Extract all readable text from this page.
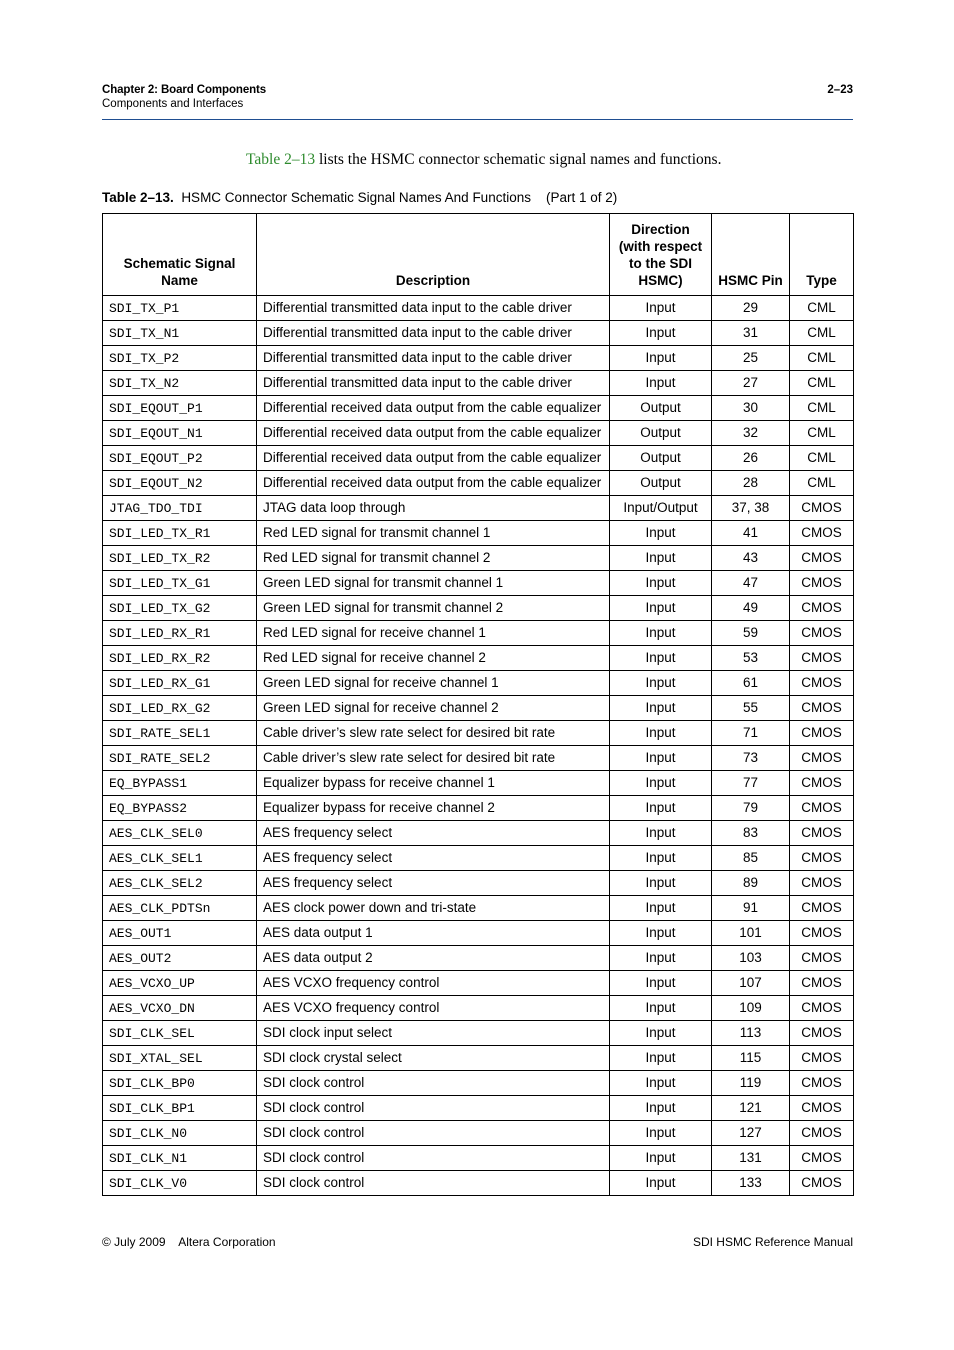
Chapter 2: Board Components
Components and Interfaces
2–23
Table 2–13 lists the HSMC connector schematic signal names and functions.
Table 2–13. HSMC Connector Schematic Signal Names And Functions (Part 1 of 2)
Schematic Signal Name	Description	Direction (with respect to the SDI HSMC)	HSMC Pin	Type
SDI_TX_P1	Differential transmitted data input to the cable driver	Input	29	CML
SDI_TX_N1	Differential transmitted data input to the cable driver	Input	31	CML
SDI_TX_P2	Differential transmitted data input to the cable driver	Input	25	CML
SDI_TX_N2	Differential transmitted data input to the cable driver	Input	27	CML
SDI_EQOUT_P1	Differential received data output from the cable equalizer	Output	30	CML
SDI_EQOUT_N1	Differential received data output from the cable equalizer	Output	32	CML
SDI_EQOUT_P2	Differential received data output from the cable equalizer	Output	26	CML
SDI_EQOUT_N2	Differential received data output from the cable equalizer	Output	28	CML
JTAG_TDO_TDI	JTAG data loop through	Input/Output	37, 38	CMOS
SDI_LED_TX_R1	Red LED signal for transmit channel 1	Input	41	CMOS
SDI_LED_TX_R2	Red LED signal for transmit channel 2	Input	43	CMOS
SDI_LED_TX_G1	Green LED signal for transmit channel 1	Input	47	CMOS
SDI_LED_TX_G2	Green LED signal for transmit channel 2	Input	49	CMOS
SDI_LED_RX_R1	Red LED signal for receive channel 1	Input	59	CMOS
SDI_LED_RX_R2	Red LED signal for receive channel 2	Input	53	CMOS
SDI_LED_RX_G1	Green LED signal for receive channel 1	Input	61	CMOS
SDI_LED_RX_G2	Green LED signal for receive channel 2	Input	55	CMOS
SDI_RATE_SEL1	Cable driver’s slew rate select for desired bit rate	Input	71	CMOS
SDI_RATE_SEL2	Cable driver’s slew rate select for desired bit rate	Input	73	CMOS
EQ_BYPASS1	Equalizer bypass for receive channel 1	Input	77	CMOS
EQ_BYPASS2	Equalizer bypass for receive channel 2	Input	79	CMOS
AES_CLK_SEL0	AES frequency select	Input	83	CMOS
AES_CLK_SEL1	AES frequency select	Input	85	CMOS
AES_CLK_SEL2	AES frequency select	Input	89	CMOS
AES_CLK_PDTSn	AES clock power down and tri-state	Input	91	CMOS
AES_OUT1	AES data output 1	Input	101	CMOS
AES_OUT2	AES data output 2	Input	103	CMOS
AES_VCXO_UP	AES VCXO frequency control	Input	107	CMOS
AES_VCXO_DN	AES VCXO frequency control	Input	109	CMOS
SDI_CLK_SEL	SDI clock input select	Input	113	CMOS
SDI_XTAL_SEL	SDI clock crystal select	Input	115	CMOS
SDI_CLK_BP0	SDI clock control	Input	119	CMOS
SDI_CLK_BP1	SDI clock control	Input	121	CMOS
SDI_CLK_N0	SDI clock control	Input	127	CMOS
SDI_CLK_N1	SDI clock control	Input	131	CMOS
SDI_CLK_V0	SDI clock control	Input	133	CMOS
© July 2009 Altera Corporation	SDI HSMC Reference Manual
